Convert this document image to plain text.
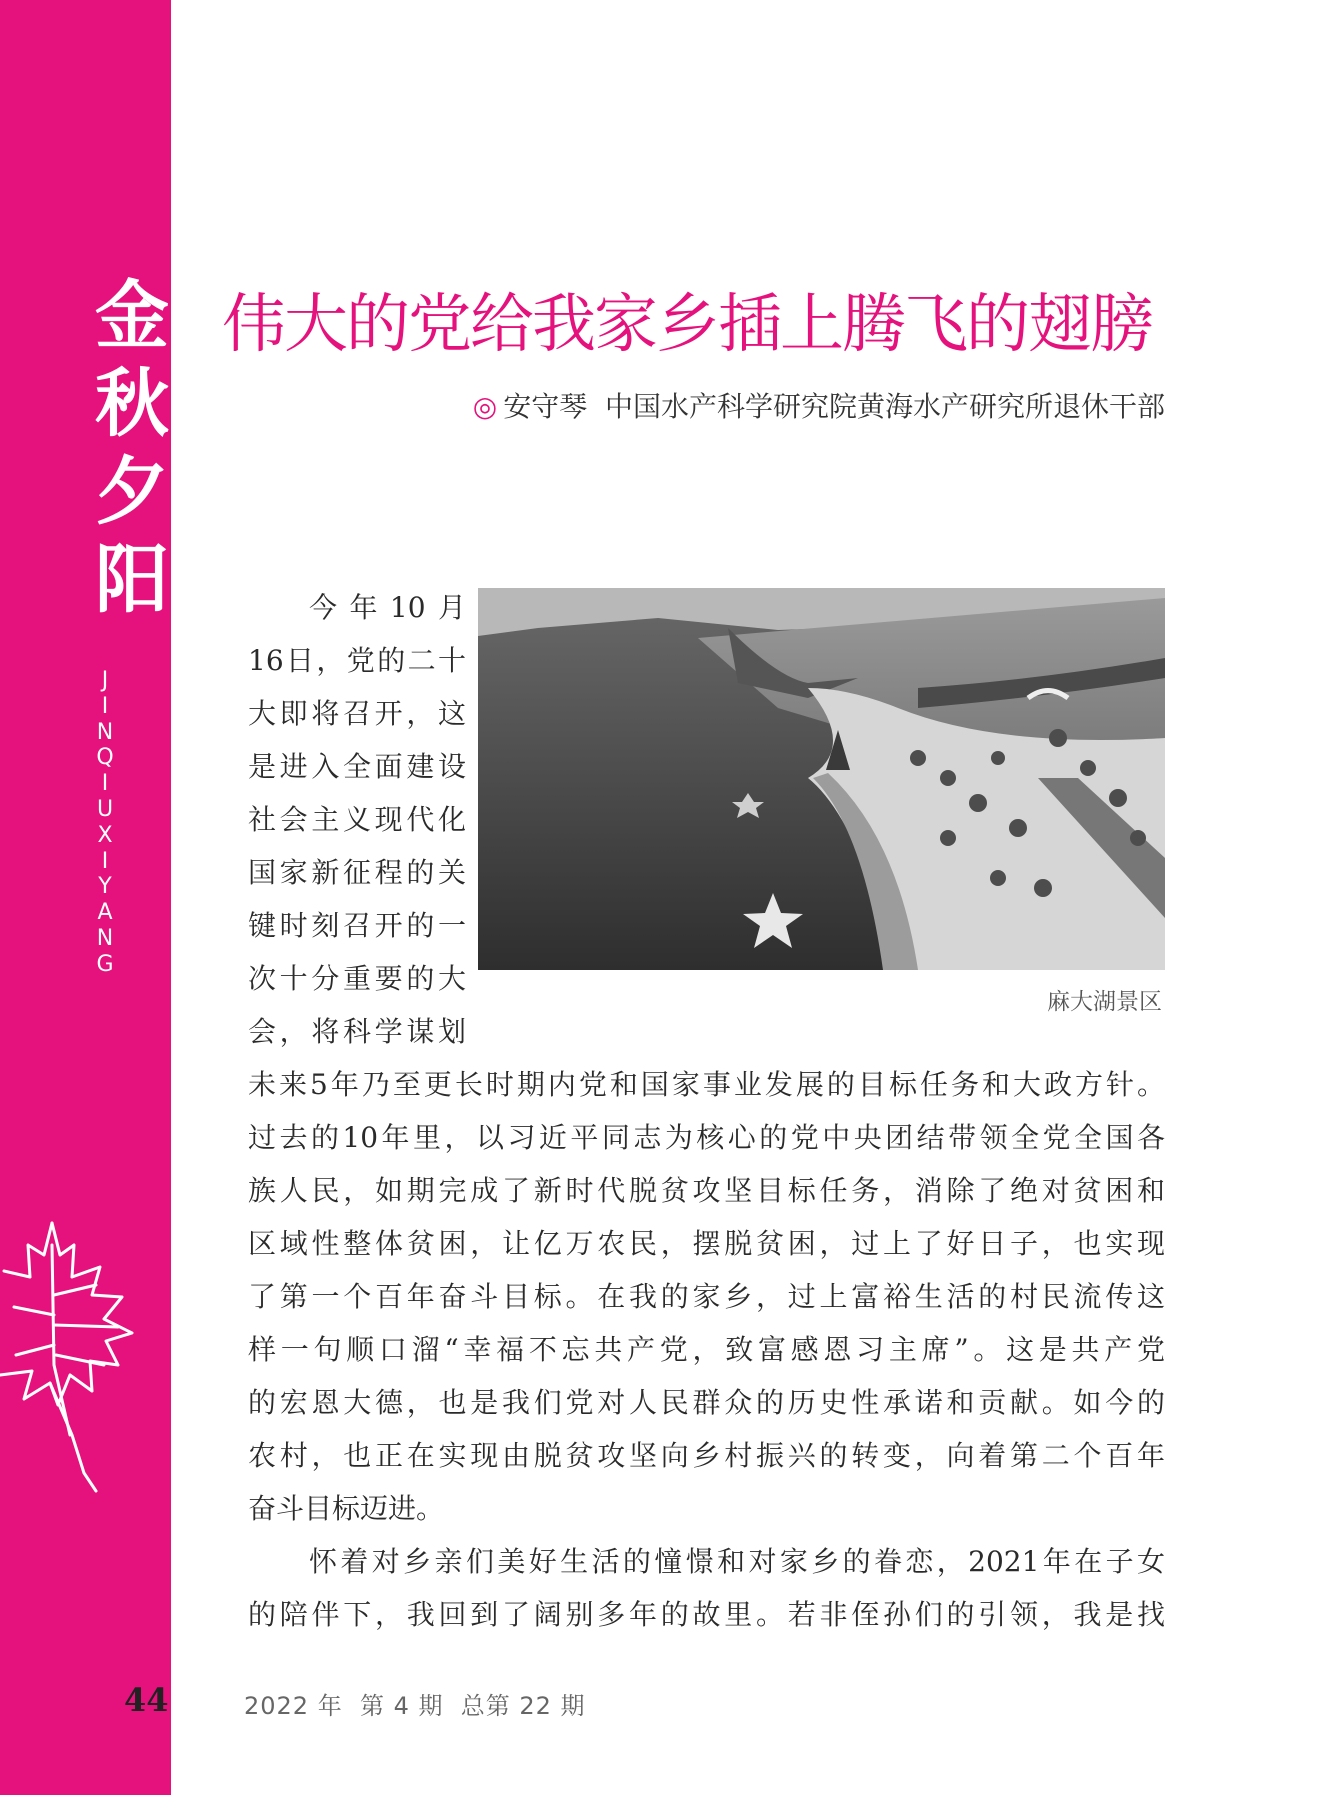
金
秋
夕
阳
J
I
N
Q
I
U
X
I
Y
A
N
G
44
伟大的党给我家乡插上腾飞的翅膀
◎ 安守琴  中国水产科学研究院黄海水产研究所退休干部
麻大湖景区
今年10月
16日，党的二十
大即将召开，这
是进入全面建设
社会主义现代化
国家新征程的关
键时刻召开的一
次十分重要的大
会，将科学谋划
未来5年乃至更长时期内党和国家事业发展的目标任务和大政方针。
过去的10年里，以习近平同志为核心的党中央团结带领全党全国各
族人民，如期完成了新时代脱贫攻坚目标任务，消除了绝对贫困和
区域性整体贫困，让亿万农民，摆脱贫困，过上了好日子，也实现
了第一个百年奋斗目标。在我的家乡，过上富裕生活的村民流传这
样一句顺口溜“幸福不忘共产党，致富感恩习主席”。这是共产党
的宏恩大德，也是我们党对人民群众的历史性承诺和贡献。如今的
农村，也正在实现由脱贫攻坚向乡村振兴的转变，向着第二个百年
奋斗目标迈进。
怀着对乡亲们美好生活的憧憬和对家乡的眷恋，2021年在子女
的陪伴下，我回到了阔别多年的故里。若非侄孙们的引领，我是找
2022 年  第 4 期  总第 22 期
